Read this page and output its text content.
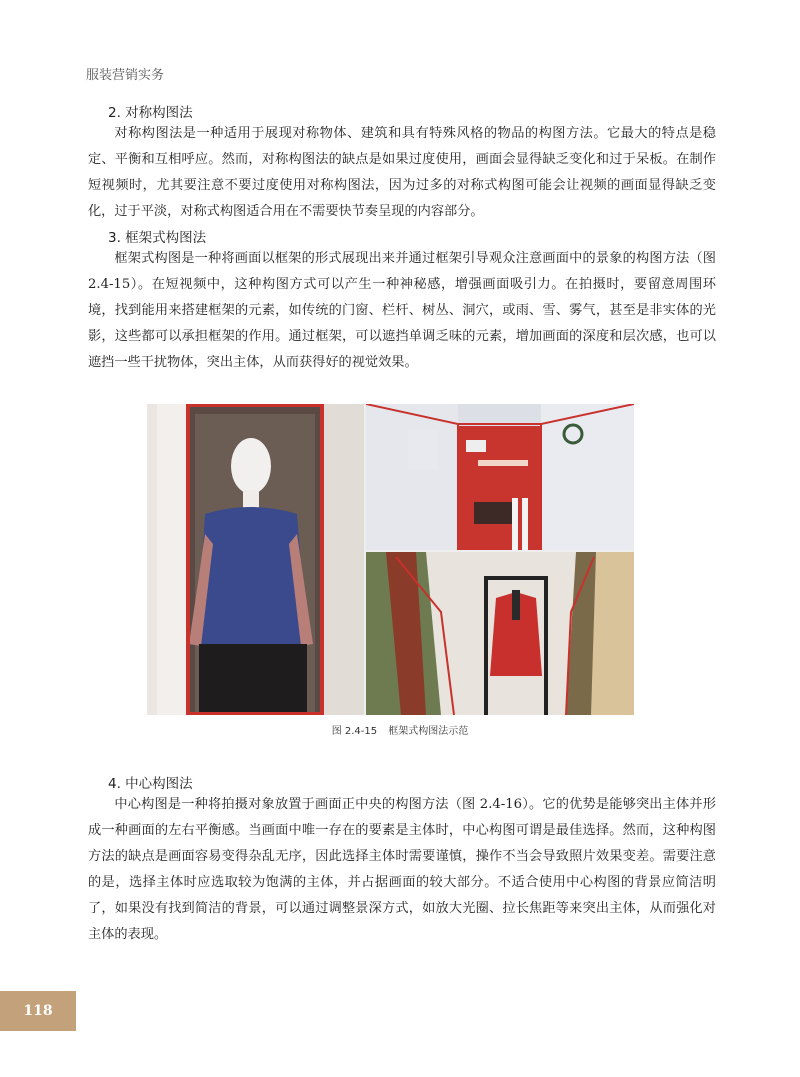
服装营销实务
2. 对称构图法

对称构图法是一种适用于展现对称物体、建筑和具有特殊风格的物品的构图方法。它最大的特点是稳定、平衡和互相呼应。然而，对称构图法的缺点是如果过度使用，画面会显得缺乏变化和过于呆板。在制作短视频时，尤其要注意不要过度使用对称构图法，因为过多的对称式构图可能会让视频的画面显得缺乏变化，过于平淡，对称式构图适合用在不需要快节奏呈现的内容部分。

3. 框架式构图法

框架式构图是一种将画面以框架的形式展现出来并通过框架引导观众注意画面中的景象的构图方法（图 2.4-15）。在短视频中，这种构图方式可以产生一种神秘感，增强画面吸引力。在拍摄时，要留意周围环境，找到能用来搭建框架的元素，如传统的门窗、栏杆、树丛、洞穴，或雨、雪、雾气，甚至是非实体的光影，这些都可以承担框架的作用。通过框架，可以遮挡单调乏味的元素，增加画面的深度和层次感，也可以遮挡一些干扰物体，突出主体，从而获得好的视觉效果。

图 2.4-15 框架式构图法示范
4. 中心构图法

中心构图是一种将拍摄对象放置于画面正中央的构图方法（图 2.4-16）。它的优势是能够突出主体并形成一种画面的左右平衡感。当画面中唯一存在的要素是主体时，中心构图可谓是最佳选择。然而，这种构图方法的缺点是画面容易变得杂乱无序，因此选择主体时需要谨慎，操作不当会导致照片效果变差。需要注意的是，选择主体时应选取较为饱满的主体，并占据画面的较大部分。不适合使用中心构图的背景应简洁明了，如果没有找到简洁的背景，可以通过调整景深方式，如放大光圈、拉长焦距等来突出主体，从而强化对主体的表现。

118
